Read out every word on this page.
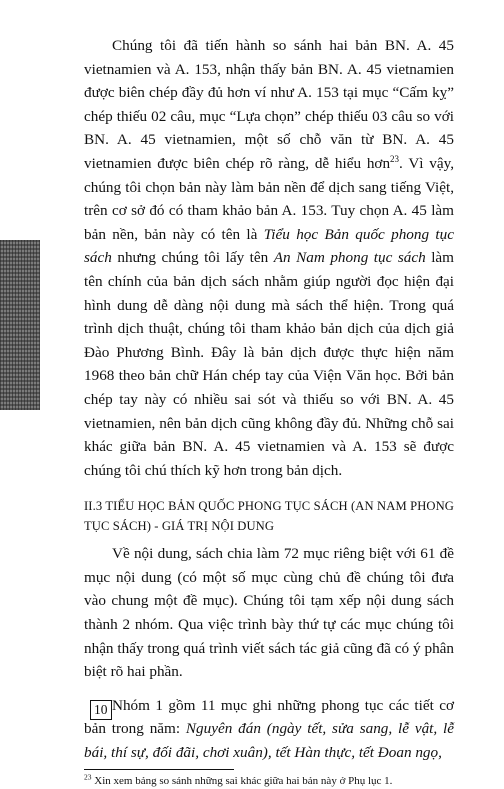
Chúng tôi đã tiến hành so sánh hai bản BN. A. 45 vietnamien và A. 153, nhận thấy bản BN. A. 45 vietnamien được biên chép đầy đủ hơn ví như A. 153 tại mục “Cấm kỵ” chép thiếu 02 câu, mục “Lựa chọn” chép thiếu 03 câu so với BN. A. 45 vietnamien, một số chỗ văn từ BN. A. 45 vietnamien được biên chép rõ ràng, dễ hiểu hơn$^{23}$. Vì vậy, chúng tôi chọn bản này làm bản nền để dịch sang tiếng Việt, trên cơ sở đó có tham khảo bản A. 153. Tuy chọn A. 45 làm bản nền, bản này có tên là Tiểu học Bản quốc phong tục sách nhưng chúng tôi lấy tên An Nam phong tục sách làm tên chính của bản dịch sách nhằm giúp người đọc hiện đại hình dung dễ dàng nội dung mà sách thể hiện. Trong quá trình dịch thuật, chúng tôi tham khảo bản dịch của dịch giả Đào Phương Bình. Đây là bản dịch được thực hiện năm 1968 theo bản chữ Hán chép tay của Viện Văn học. Bởi bản chép tay này có nhiều sai sót và thiếu so với BN. A. 45 vietnamien, nên bản dịch cũng không đầy đủ. Những chỗ sai khác giữa bản BN. A. 45 vietnamien và A. 153 sẽ được chúng tôi chú thích kỹ hơn trong bản dịch.

II.3 TIỂU HỌC BẢN QUỐC PHONG TỤC SÁCH (AN NAM PHONG TỤC SÁCH) - GIÁ TRỊ NỘI DUNG

Về nội dung, sách chia làm 72 mục riêng biệt với 61 đề mục nội dung (có một số mục cùng chủ đề chúng tôi đưa vào chung một đề mục). Chúng tôi tạm xếp nội dung sách thành 2 nhóm. Qua việc trình bày thứ tự các mục chúng tôi nhận thấy trong quá trình viết sách tác giả cũng đã có ý phân biệt rõ hai phần.

Nhóm 1 gồm 11 mục ghi những phong tục các tiết cơ bản trong năm: Nguyên đán (ngày tết, sửa sang, lễ vật, lễ bái, thí sự, đối đãi, chơi xuân), tết Hàn thực, tết Đoan ngọ,

$^{23}$ Xin xem bảng so sánh những sai khác giữa hai bản này ở Phụ lục 1.

10
